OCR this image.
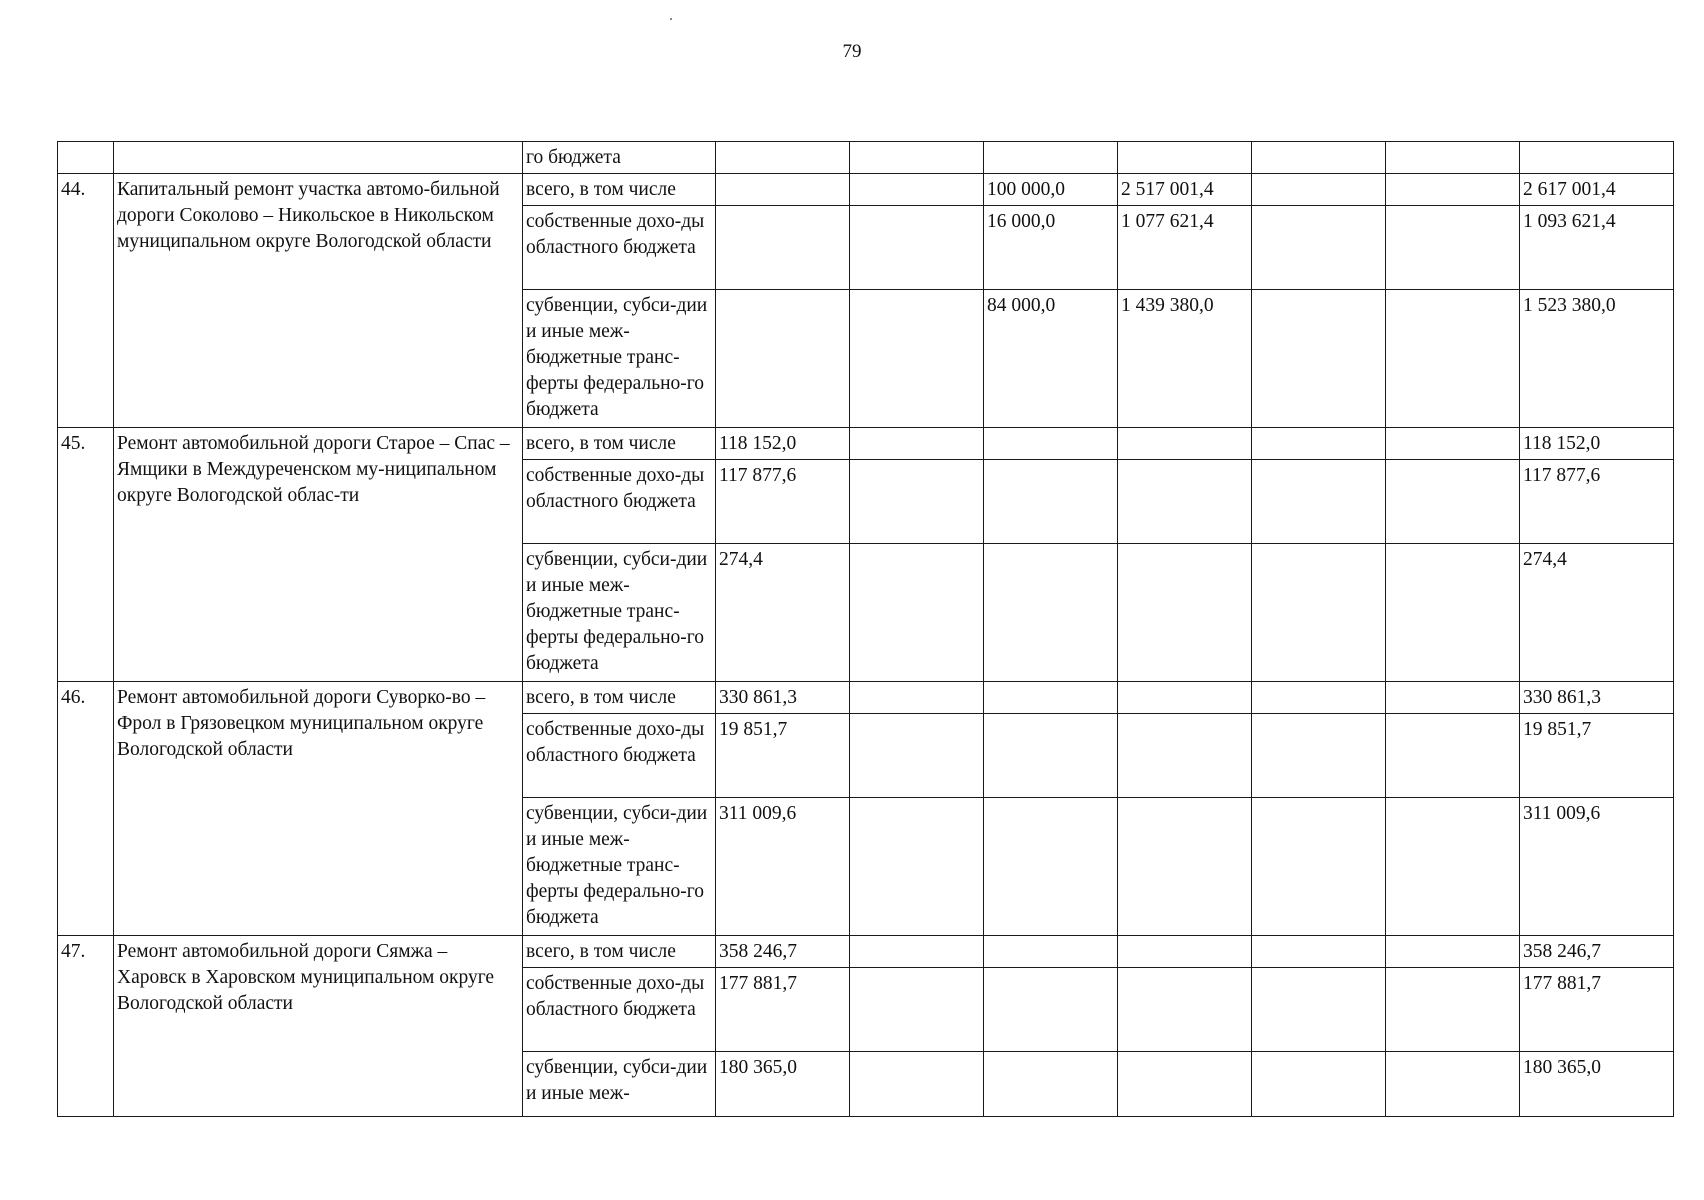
79
		го бюджета							
44.	Капитальный ремонт участка автомо-бильной дороги Соколово – Никольское в Никольском муниципальном округе Вологодской области	всего, в том числе			100 000,0	2 517 001,4			2 617 001,4
		собственные дохо-ды областного бюджета			16 000,0	1 077 621,4			1 093 621,4
		субвенции, субси-дии и иные меж-бюджетные транс-ферты федерально-го бюджета			84 000,0	1 439 380,0			1 523 380,0
45.	Ремонт автомобильной дороги Старое – Спас – Ямщики в Междуреченском му-ниципальном округе Вологодской облас-ти	всего, в том числе	118 152,0						118 152,0
		собственные дохо-ды областного бюджета	117 877,6						117 877,6
		субвенции, субси-дии и иные меж-бюджетные транс-ферты федерально-го бюджета	274,4						274,4
46.	Ремонт автомобильной дороги Суворко-во – Фрол в Грязовецком муниципальном округе Вологодской области	всего, в том числе	330 861,3						330 861,3
		собственные дохо-ды областного бюджета	19 851,7						19 851,7
		субвенции, субси-дии и иные меж-бюджетные транс-ферты федерально-го бюджета	311 009,6						311 009,6
47.	Ремонт автомобильной дороги Сямжа – Харовск в Харовском муниципальном округе Вологодской области	всего, в том числе	358 246,7						358 246,7
		собственные дохо-ды областного бюджета	177 881,7						177 881,7
		субвенции, субси-дии и иные меж-	180 365,0						180 365,0
